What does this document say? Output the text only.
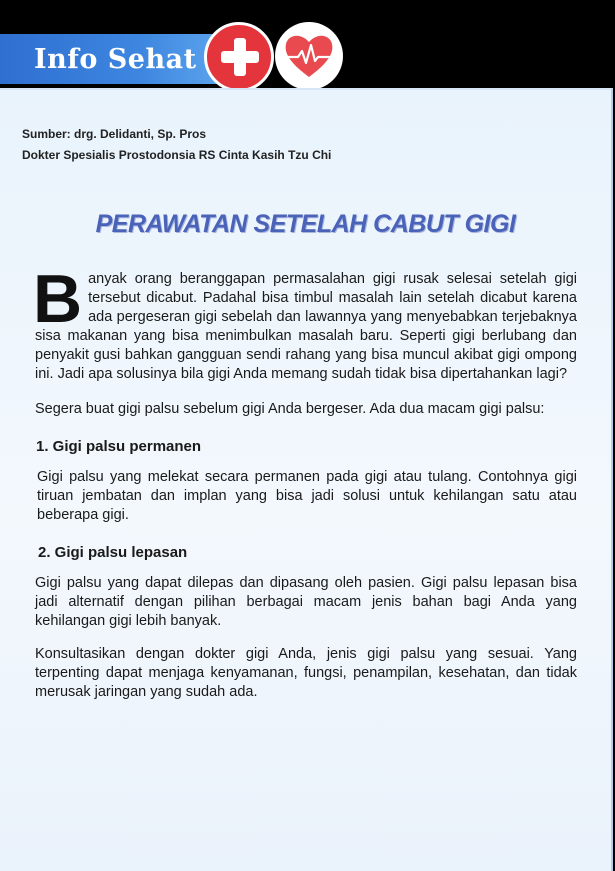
Info Sehat
Sumber: drg. Delidanti, Sp. Pros
Dokter Spesialis Prostodonsia RS Cinta Kasih Tzu Chi
PERAWATAN SETELAH CABUT GIGI

Banyak orang beranggapan permasalahan gigi rusak selesai setelah gigi tersebut dicabut. Padahal bisa timbul masalah lain setelah dicabut karena ada pergeseran gigi sebelah dan lawannya yang menyebabkan terjebaknya sisa makanan yang bisa menimbulkan masalah baru. Seperti gigi berlubang dan penyakit gusi bahkan gangguan sendi rahang yang bisa muncul akibat gigi ompong ini. Jadi apa solusinya bila gigi Anda memang sudah tidak bisa dipertahankan lagi?

Segera buat gigi palsu sebelum gigi Anda bergeser. Ada dua macam gigi palsu:

1. Gigi palsu permanen

Gigi palsu yang melekat secara permanen pada gigi atau tulang. Contohnya gigi tiruan jembatan dan implan yang bisa jadi solusi untuk kehilangan satu atau beberapa gigi.

2. Gigi palsu lepasan

Gigi palsu yang dapat dilepas dan dipasang oleh pasien. Gigi palsu lepasan bisa jadi alternatif dengan pilihan berbagai macam jenis bahan bagi Anda yang kehilangan gigi lebih banyak.

Konsultasikan dengan dokter gigi Anda, jenis gigi palsu yang sesuai. Yang terpenting dapat menjaga kenyamanan, fungsi, penampilan, kesehatan, dan tidak merusak jaringan yang sudah ada.
